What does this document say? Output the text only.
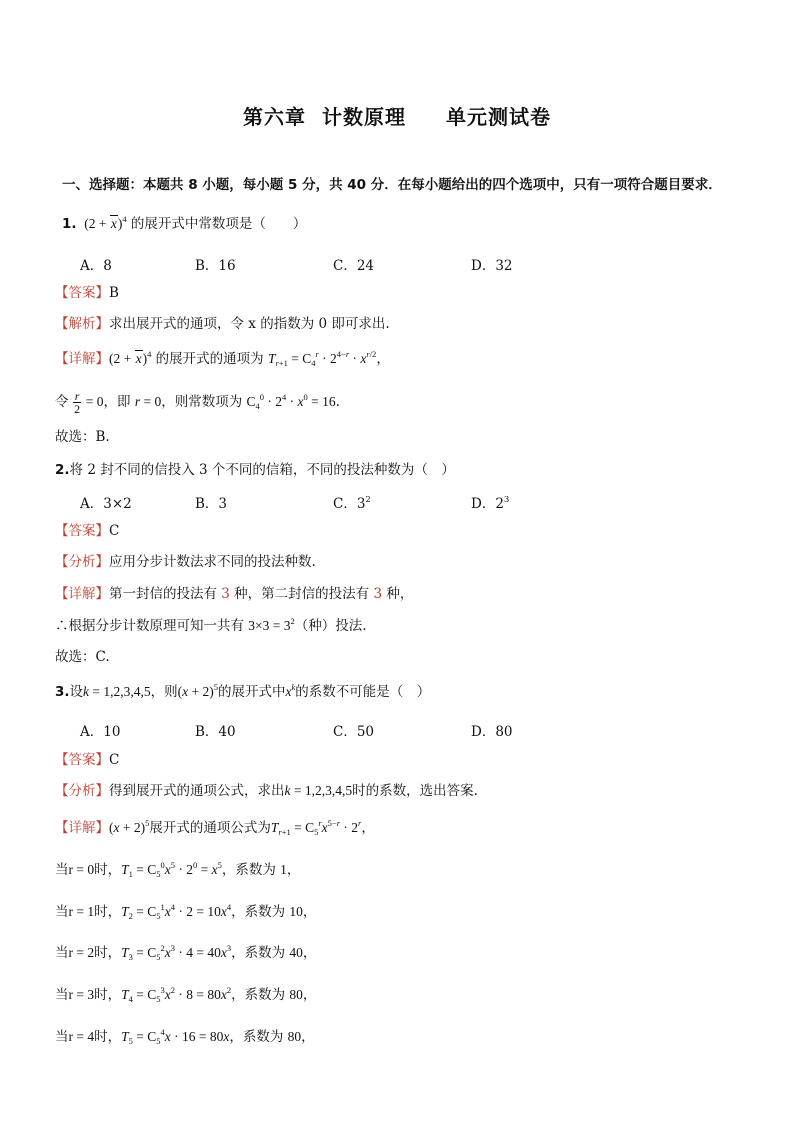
第六章 计数原理 单元测试卷
一、选择题：本题共 8 小题，每小题 5 分，共 40 分．在每小题给出的四个选项中，只有一项符合题目要求．
1.  $(2 + x)^4$ 的展开式中常数项是（　　）
A．8	B．16	C．24	D．32
【答案】B
【解析】求出展开式的通项，令 x 的指数为 0 即可求出.
【详解】$(2 + x)^4$ 的展开式的通项为 $T_{r+1} = C_4^r \cdot 2^{4-r} \cdot x^{r/2}$，
令 $\frac{r}{2} = 0$，即 r = 0，则常数项为 $C_4^0 \cdot 2^4 \cdot x^0 = 16$.
故选：B.
2.将 2 封不同的信投入 3 个不同的信箱，不同的投法种数为（　）
A．3×2	B．3	C．$3^2$	D．$2^3$
【答案】C
【分析】应用分步计数法求不同的投法种数.
【详解】第一封信的投法有 3 种，第二封信的投法有 3 种，
∴根据分步计数原理可知一共有 $3\times 3 = 3^2$（种）投法.
故选：C.
3.设k = 1,2,3,4,5，则$(x + 2)^5$的展开式中$x^k$的系数不可能是（　）
A．10	B．40	C．50	D．80
【答案】C
【分析】得到展开式的通项公式，求出k = 1,2,3,4,5时的系数，选出答案.
【详解】$(x + 2)^5$展开式的通项公式为$T_{r+1} = C_5^rx^{5-r} \cdot 2^r$，
当r = 0时，$T_1 = C_5^0x^5 \cdot 2^0 = x^5$，系数为 1，
当r = 1时，$T_2 = C_5^1x^4 \cdot 2 = 10x^4$，系数为 10，
当r = 2时，$T_3 = C_5^2x^3 \cdot 4 = 40x^3$，系数为 40，
当r = 3时，$T_4 = C_5^3x^2 \cdot 8 = 80x^2$，系数为 80，
当r = 4时，$T_5 = C_5^4x \cdot 16 = 80x$，系数为 80，
